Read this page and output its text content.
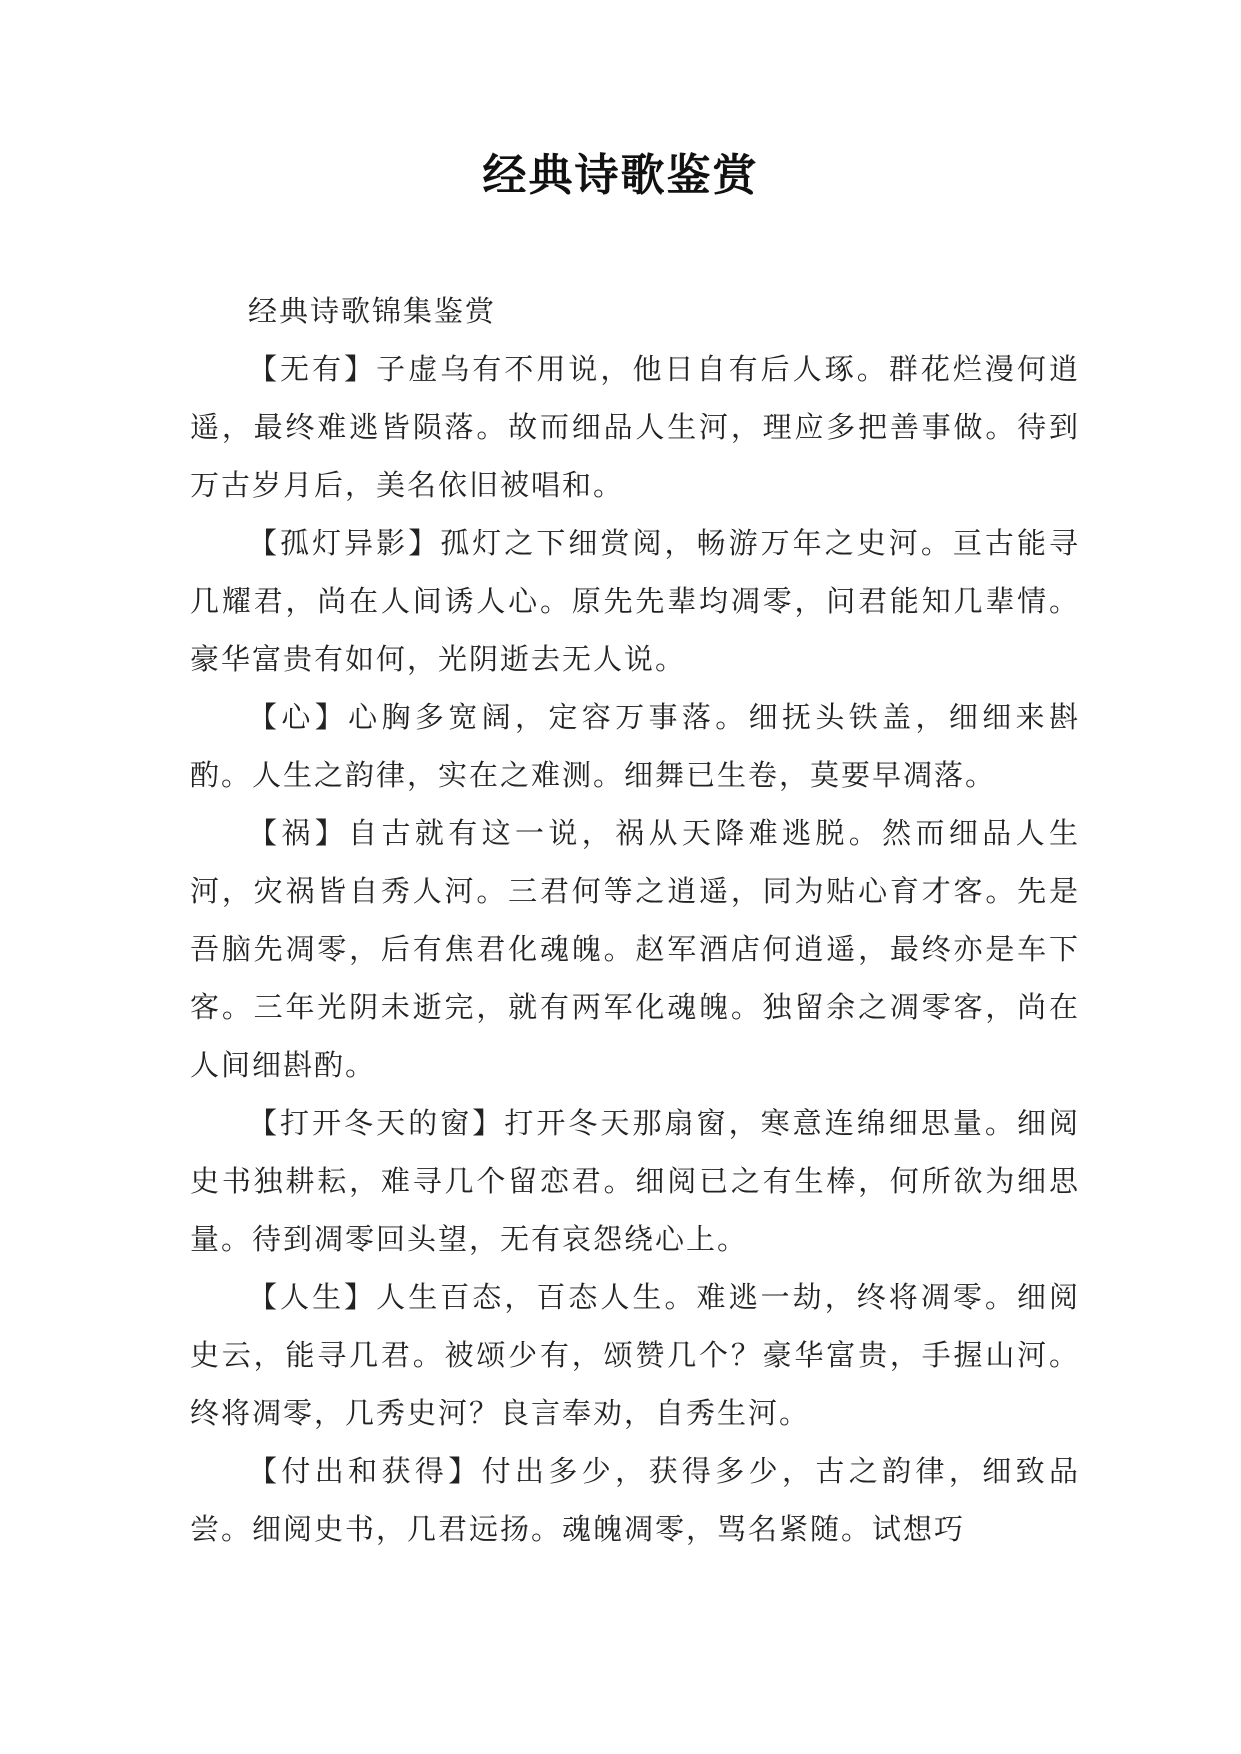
经典诗歌鉴赏

经典诗歌锦集鉴赏

【无有】子虚乌有不用说，他日自有后人琢。群花烂漫何逍遥，最终难逃皆陨落。故而细品人生河，理应多把善事做。待到万古岁月后，美名依旧被唱和。

【孤灯异影】孤灯之下细赏阅，畅游万年之史河。亘古能寻几耀君，尚在人间诱人心。原先先辈均凋零，问君能知几辈情。豪华富贵有如何，光阴逝去无人说。

【心】心胸多宽阔，定容万事落。细抚头铁盖，细细来斟酌。人生之韵律，实在之难测。细舞已生卷，莫要早凋落。

【祸】自古就有这一说，祸从天降难逃脱。然而细品人生河，灾祸皆自秀人河。三君何等之逍遥，同为贴心育才客。先是吾脑先凋零，后有焦君化魂魄。赵军酒店何逍遥，最终亦是车下客。三年光阴未逝完，就有两军化魂魄。独留余之凋零客，尚在人间细斟酌。

【打开冬天的窗】打开冬天那扇窗，寒意连绵细思量。细阅史书独耕耘，难寻几个留恋君。细阅已之有生棒，何所欲为细思量。待到凋零回头望，无有哀怨绕心上。

【人生】人生百态，百态人生。难逃一劫，终将凋零。细阅史云，能寻几君。被颂少有，颂赞几个？豪华富贵，手握山河。终将凋零，几秀史河？良言奉劝，自秀生河。

【付出和获得】付出多少，获得多少，古之韵律，细致品尝。细阅史书，几君远扬。魂魄凋零，骂名紧随。试想巧
